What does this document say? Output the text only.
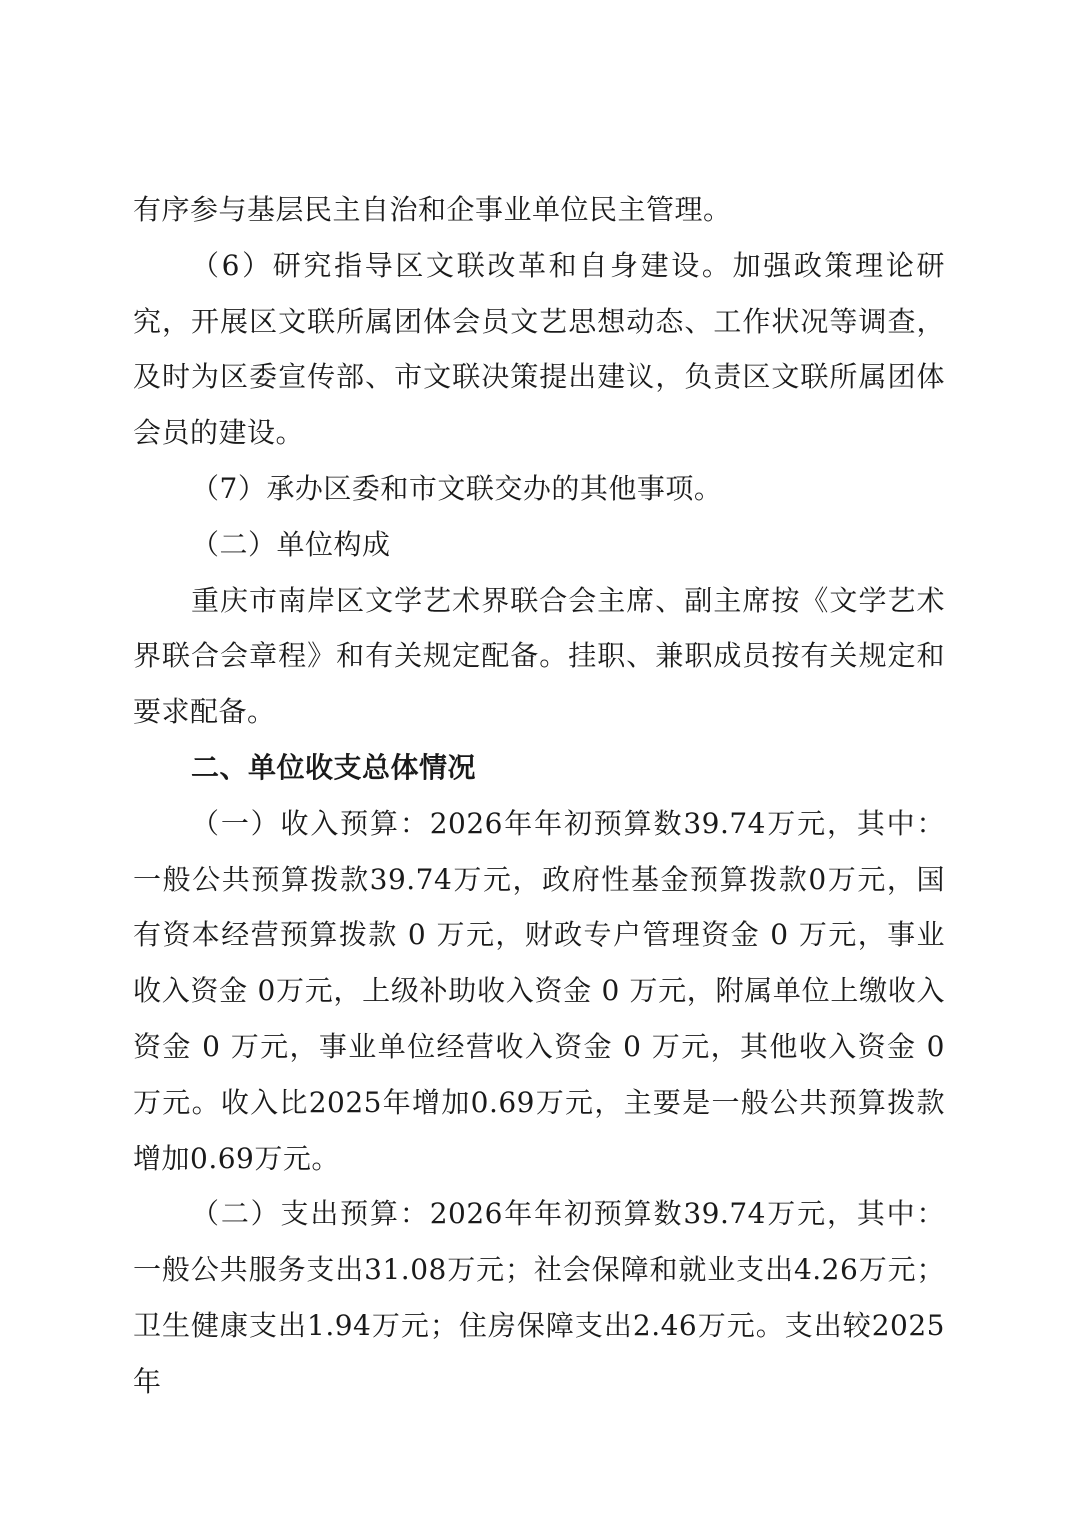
有序参与基层民主自治和企事业单位民主管理。

（6）研究指导区文联改革和自身建设。加强政策理论研究，开展区文联所属团体会员文艺思想动态、工作状况等调查，及时为区委宣传部、市文联决策提出建议，负责区文联所属团体会员的建设。

（7）承办区委和市文联交办的其他事项。

（二）单位构成

重庆市南岸区文学艺术界联合会主席、副主席按《文学艺术界联合会章程》和有关规定配备。挂职、兼职成员按有关规定和要求配备。

二、单位收支总体情况

（一）收入预算：2026年年初预算数39.74万元，其中：一般公共预算拨款39.74万元，政府性基金预算拨款0万元，国有资本经营预算拨款 0 万元，财政专户管理资金 0 万元，事业收入资金 0万元，上级补助收入资金 0 万元，附属单位上缴收入资金 0 万元，事业单位经营收入资金 0 万元，其他收入资金 0万元。收入比2025年增加0.69万元，主要是一般公共预算拨款增加0.69万元。

（二）支出预算：2026年年初预算数39.74万元，其中：一般公共服务支出31.08万元；社会保障和就业支出4.26万元；卫生健康支出1.94万元；住房保障支出2.46万元。支出较2025年
